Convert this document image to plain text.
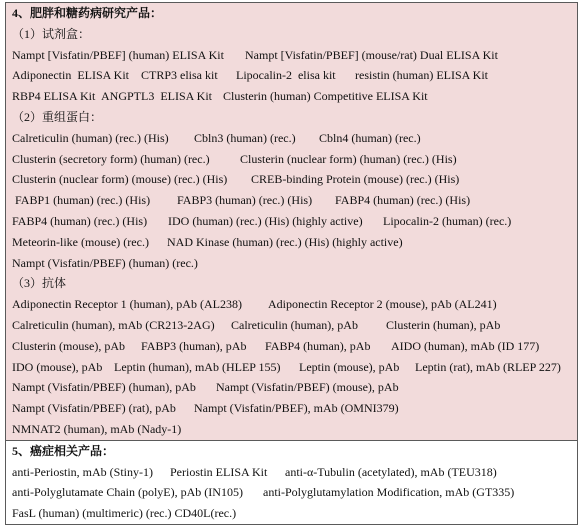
4、肥胖和糖药病研究产品：
（1）试剂盒：
Nampt [Visfatin/PBEF] (human) ELISA Kit Nampt [Visfatin/PBEF] (mouse/rat) Dual ELISA Kit
Adiponectin  ELISA Kit CTRP3 elisa kit Lipocalin-2  elisa kit resistin (human) ELISA Kit
RBP4 ELISA Kit ANGPTL3  ELISA Kit Clusterin (human) Competitive ELISA Kit
（2）重组蛋白：
Calreticulin (human) (rec.) (His) Cbln3 (human) (rec.) Cbln4 (human) (rec.)
Clusterin (secretory form) (human) (rec.)	Clusterin (nuclear form) (human) (rec.) (His)
Clusterin (nuclear form) (mouse) (rec.) (His) CREB-binding Protein (mouse) (rec.) (His)
FABP1 (human) (rec.) (His) FABP3 (human) (rec.) (His) FABP4 (human) (rec.) (His)
FABP4 (human) (rec.) (His) IDO (human) (rec.) (His) (highly active) Lipocalin-2 (human) (rec.)
Meteorin-like (mouse) (rec.) NAD Kinase (human) (rec.) (His) (highly active)
Nampt (Visfatin/PBEF) (human) (rec.)
（3）抗体
Adiponectin Receptor 1 (human), pAb (AL238) Adiponectin Receptor 2 (mouse), pAb (AL241)
Calreticulin (human), mAb (CR213-2AG) Calreticulin (human), pAb Clusterin (human), pAb
Clusterin (mouse), pAb FABP3 (human), pAb FABP4 (human), pAb AIDO (human), mAb (ID 177)
IDO (mouse), pAb Leptin (human), mAb (HLEP 155) Leptin (mouse), pAb Leptin (rat), mAb (RLEP 227)
Nampt (Visfatin/PBEF) (human), pAb Nampt (Visfatin/PBEF) (mouse), pAb
Nampt (Visfatin/PBEF) (rat), pAb Nampt (Visfatin/PBEF), mAb (OMNI379)
NMNAT2 (human), mAb (Nady-1)
5、癌症相关产品：
anti-Periostin, mAb (Stiny-1) Periostin ELISA Kit anti-α-Tubulin (acetylated), mAb (TEU318)
anti-Polyglutamate Chain (polyE), pAb (IN105) anti-Polyglutamylation Modification, mAb (GT335)
FasL (human) (multimeric) (rec.) CD40L(rec.)
